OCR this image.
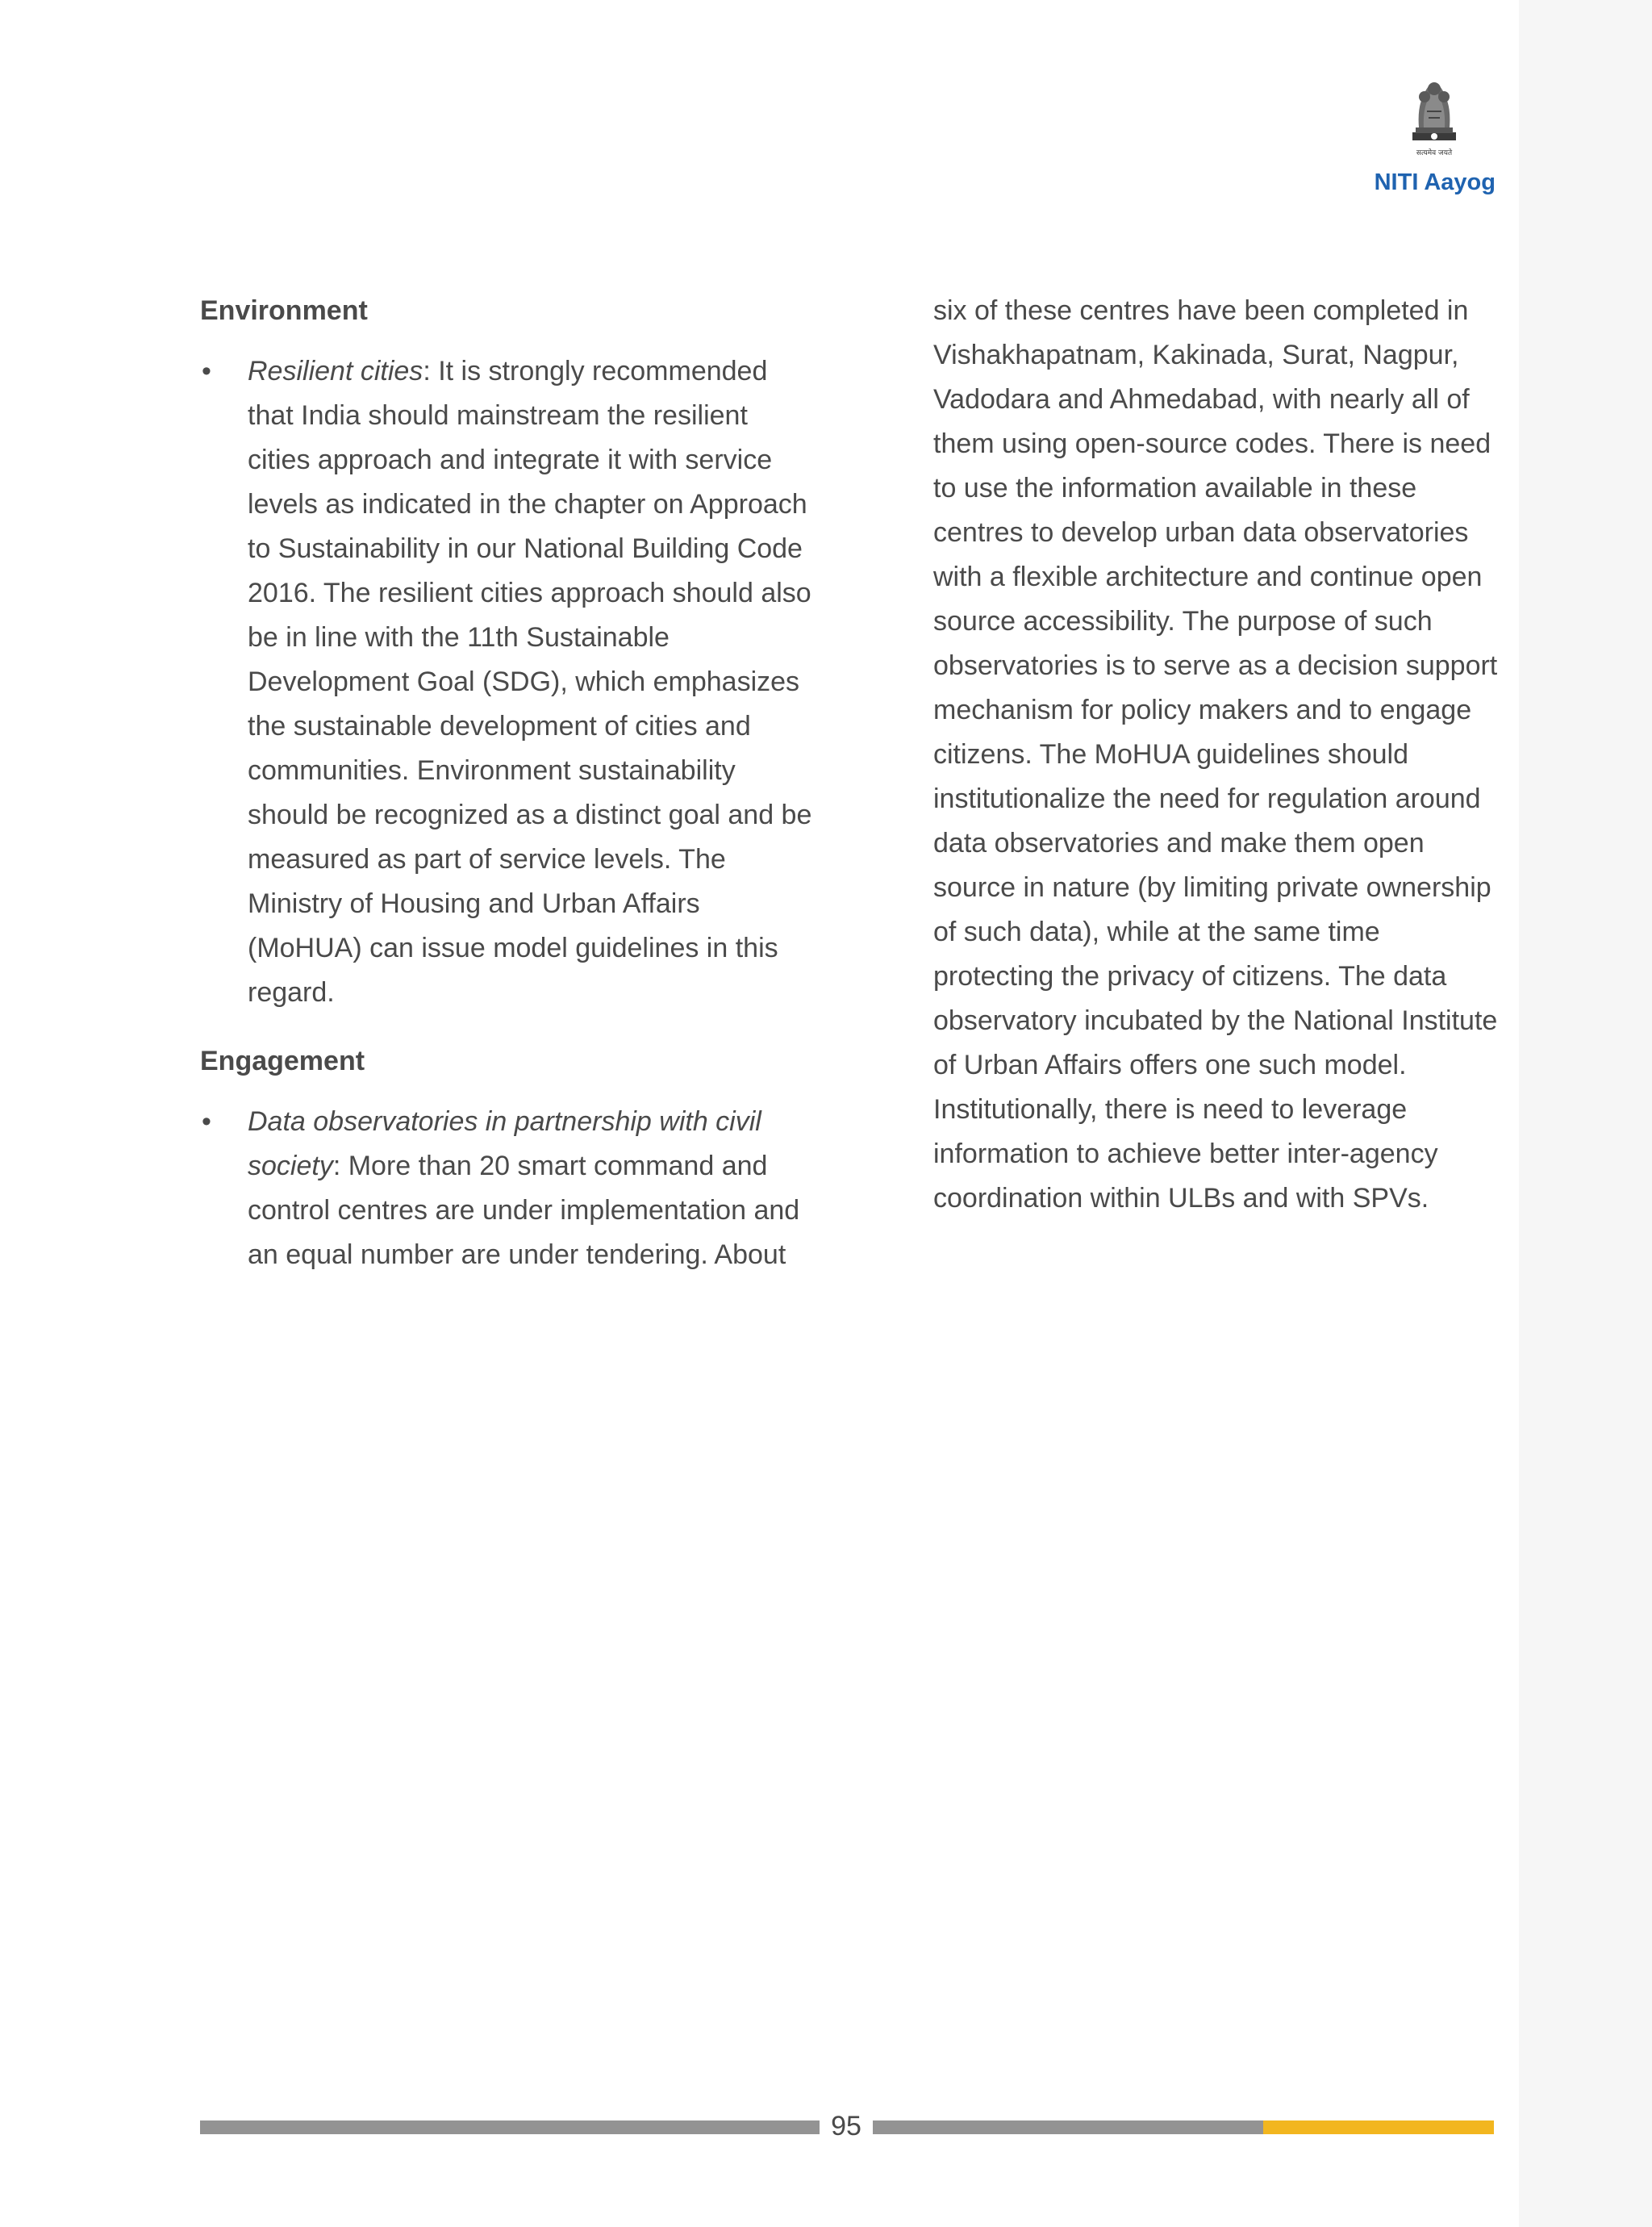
सत्यमेव जयते
NITI Aayog
Environment
• Resilient cities: It is strongly recommended that India should mainstream the resilient cities approach and integrate it with service levels as indicated in the chapter on Approach to Sustainability in our National Building Code 2016. The resilient cities approach should also be in line with the 11th Sustainable Development Goal (SDG), which emphasizes the sustainable development of cities and communities. Environment sustainability should be recognized as a distinct goal and be measured as part of service levels. The Ministry of Housing and Urban Affairs (MoHUA) can issue model guidelines in this regard.
Engagement
• Data observatories in partnership with civil society: More than 20 smart command and control centres are under implementation and an equal number are under tendering. About

six of these centres have been completed in Vishakhapatnam, Kakinada, Surat, Nagpur, Vadodara and Ahmedabad, with nearly all of them using open-source codes. There is need to use the information available in these centres to develop urban data observatories with a flexible architecture and continue open source accessibility. The purpose of such observatories is to serve as a decision support mechanism for policy makers and to engage citizens. The MoHUA guidelines should institutionalize the need for regulation around data observatories and make them open source in nature (by limiting private ownership of such data), while at the same time protecting the privacy of citizens. The data observatory incubated by the National Institute of Urban Affairs offers one such model. Institutionally, there is need to leverage information to achieve better inter-agency coordination within ULBs and with SPVs.

95
